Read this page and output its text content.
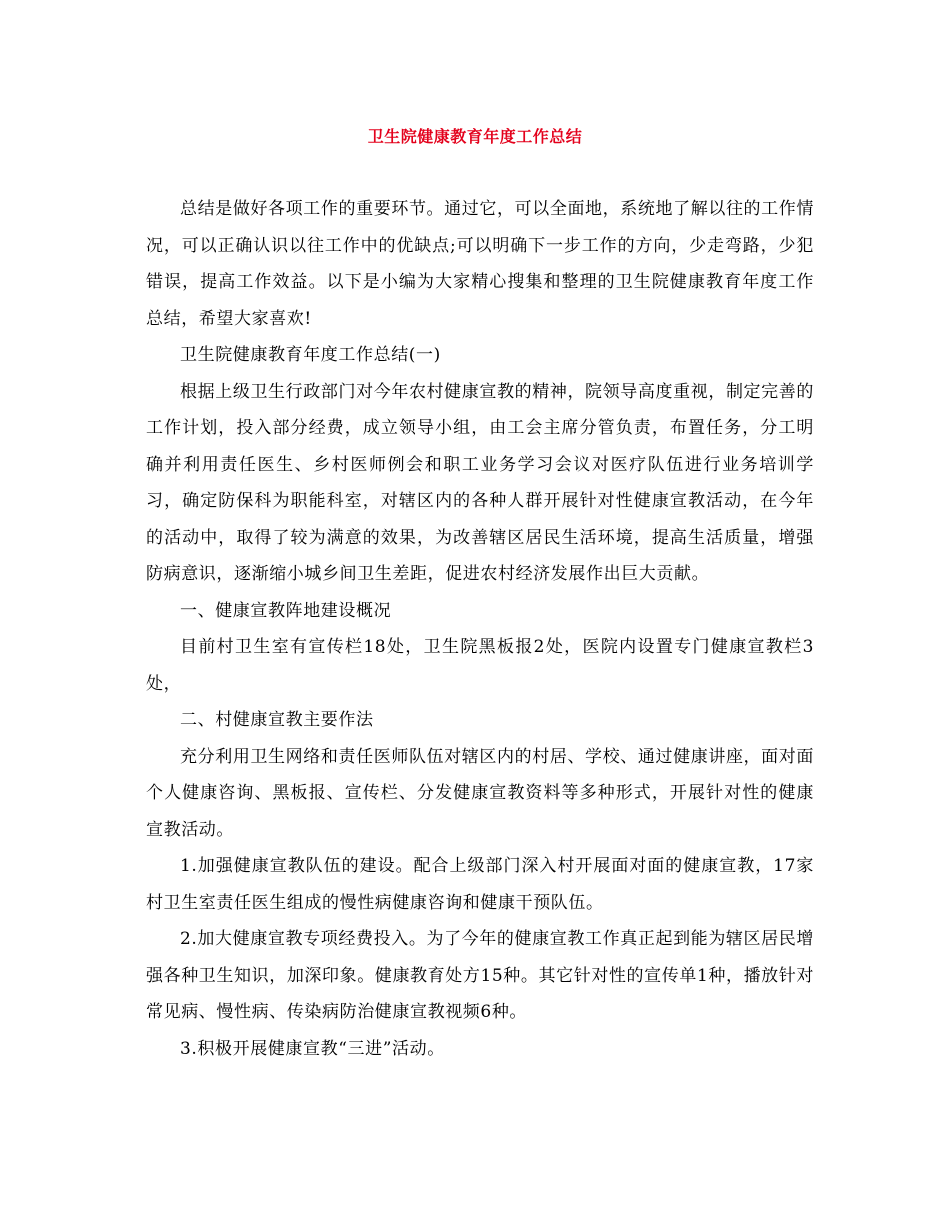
卫生院健康教育年度工作总结

总结是做好各项工作的重要环节。通过它，可以全面地，系统地了解以往的工作情况，可以正确认识以往工作中的优缺点;可以明确下一步工作的方向，少走弯路，少犯错误，提高工作效益。以下是小编为大家精心搜集和整理的卫生院健康教育年度工作总结，希望大家喜欢!

卫生院健康教育年度工作总结(一)

根据上级卫生行政部门对今年农村健康宣教的精神，院领导高度重视，制定完善的工作计划，投入部分经费，成立领导小组，由工会主席分管负责，布置任务，分工明确并利用责任医生、乡村医师例会和职工业务学习会议对医疗队伍进行业务培训学习，确定防保科为职能科室，对辖区内的各种人群开展针对性健康宣教活动，在今年的活动中，取得了较为满意的效果，为改善辖区居民生活环境，提高生活质量，增强防病意识，逐渐缩小城乡间卫生差距，促进农村经济发展作出巨大贡献。

一、健康宣教阵地建设概况

目前村卫生室有宣传栏18处，卫生院黑板报2处，医院内设置专门健康宣教栏3处，

二、村健康宣教主要作法

充分利用卫生网络和责任医师队伍对辖区内的村居、学校、通过健康讲座，面对面个人健康咨询、黑板报、宣传栏、分发健康宣教资料等多种形式，开展针对性的健康宣教活动。

1.加强健康宣教队伍的建设。配合上级部门深入村开展面对面的健康宣教，17家村卫生室责任医生组成的慢性病健康咨询和健康干预队伍。

2.加大健康宣教专项经费投入。为了今年的健康宣教工作真正起到能为辖区居民增强各种卫生知识，加深印象。健康教育处方15种。其它针对性的宣传单1种，播放针对常见病、慢性病、传染病防治健康宣教视频6种。

3.积极开展健康宣教“三进”活动。
